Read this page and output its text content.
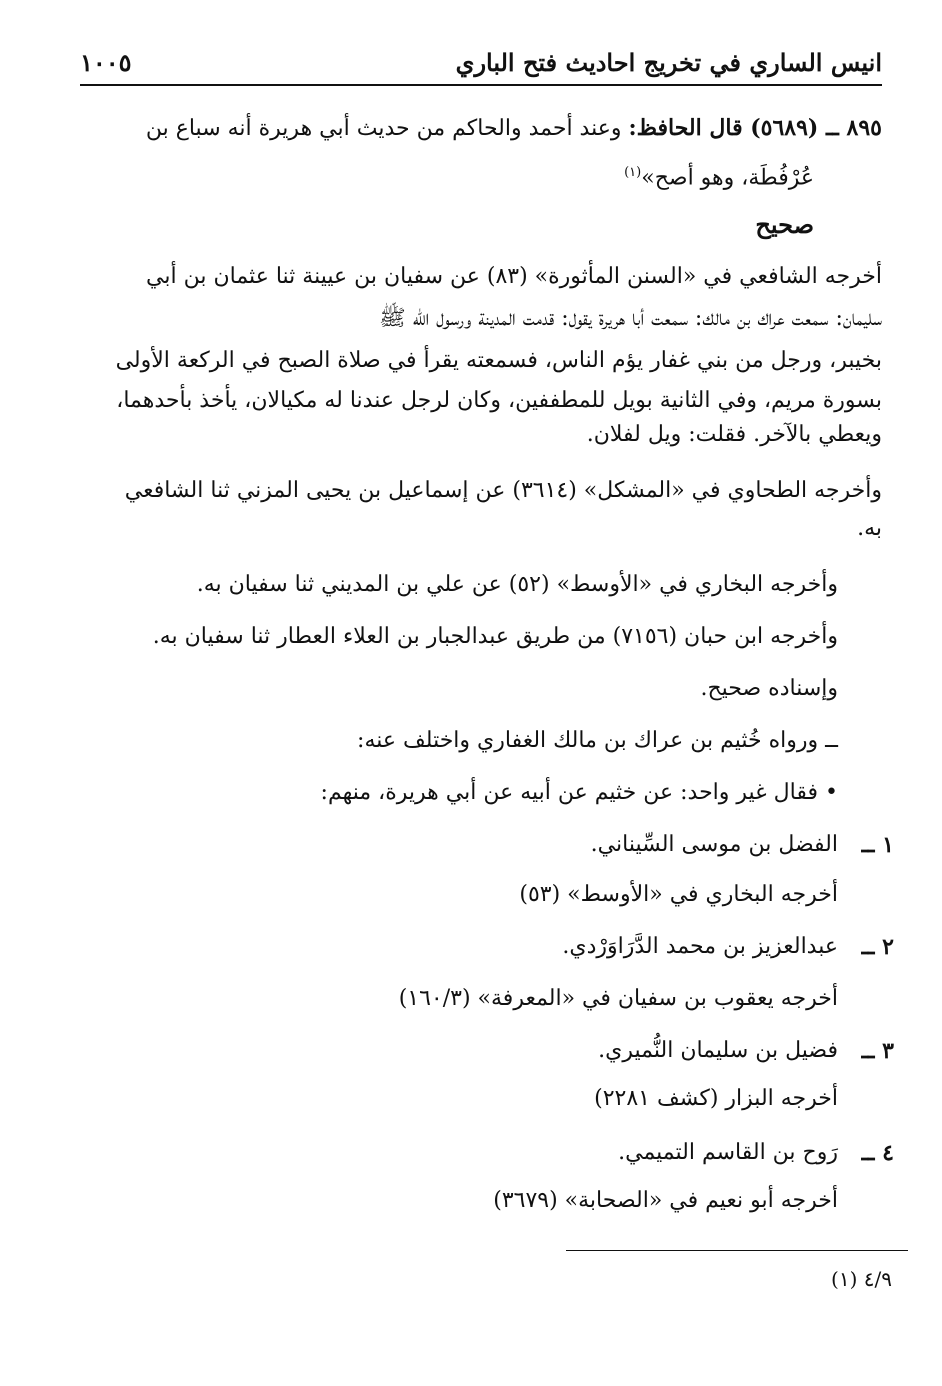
انيس الساري في تخريج احاديث فتح الباري
١٠٠٥
٨٩٥ ــ (٥٦٨٩) قال الحافظ: وعند أحمد والحاكم من حديث أبي هريرة أنه سباع بن
عُرْفُطَة، وهو أصح»$^{(١)}$
صحيح
أخرجه الشافعي في «السنن المأثورة» (٨٣) عن سفيان بن عيينة ثنا عثمان بن أبي
سليمان: سمعت عراك بن مالك: سمعت أبا هريرة يقول: قدمت المدينة ورسول الله ﷺ
بخيبر، ورجل من بني غفار يؤم الناس، فسمعته يقرأ في صلاة الصبح في الركعة الأولى
بسورة مريم، وفي الثانية بويل للمطففين، وكان لرجل عندنا له مكيالان، يأخذ بأحدهما،
ويعطي بالآخر. فقلت: ويل لفلان.
وأخرجه الطحاوي في «المشكل» (٣٦١٤) عن إسماعيل بن يحيى المزني ثنا الشافعي
به.
وأخرجه البخاري في «الأوسط» (٥٢) عن علي بن المديني ثنا سفيان به.
وأخرجه ابن حبان (٧١٥٦) من طريق عبدالجبار بن العلاء العطار ثنا سفيان به.
وإسناده صحيح.
ــ ورواه خُثيم بن عراك بن مالك الغفاري واختلف عنه:
• فقال غير واحد: عن خثيم عن أبيه عن أبي هريرة، منهم:
١ ــ
الفضل بن موسى السِّيناني.
أخرجه البخاري في «الأوسط» (٥٣)
٢ ــ
عبدالعزيز بن محمد الدَّرَاوَرْدي.
أخرجه يعقوب بن سفيان في «المعرفة» (١٦٠/٣)
٣ ــ
فضيل بن سليمان النُّميري.
أخرجه البزار (كشف ٢٢٨١)
٤ ــ
رَوح بن القاسم التميمي.
أخرجه أبو نعيم في «الصحابة» (٣٦٧٩)
(١) ٤/٩
